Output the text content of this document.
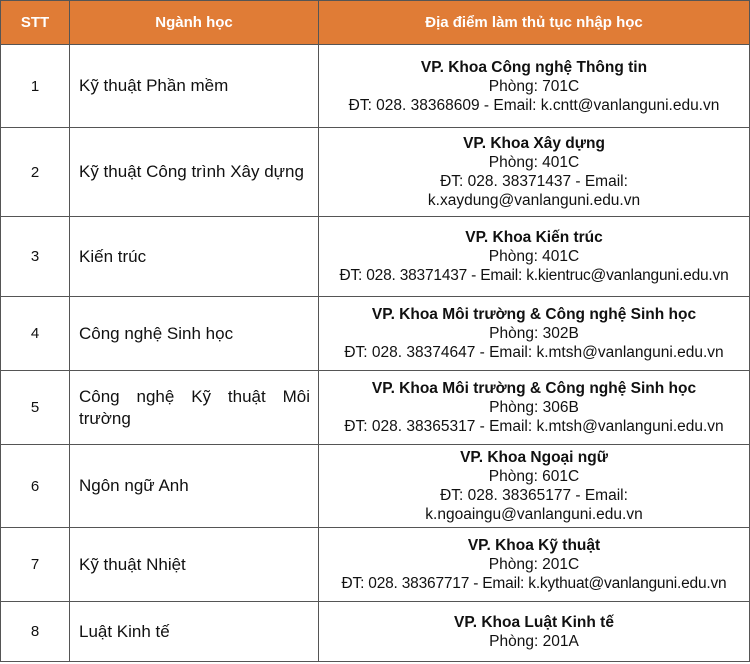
STT	Ngành học	Địa điểm làm thủ tục nhập học
1	Kỹ thuật Phần mềm	VP. Khoa Công nghệ Thông tin
Phòng: 701C
ĐT: 028. 38368609 - Email: k.cntt@vanlanguni.edu.vn

2	Kỹ thuật Công trình Xây dựng	VP. Khoa Xây dựng
Phòng: 401C
ĐT: 028. 38371437 - Email: k.xaydung@vanlanguni.edu.vn

3	Kiến trúc	VP. Khoa Kiến trúc
Phòng: 401C
ĐT: 028. 38371437 - Email: k.kientruc@vanlanguni.edu.vn

4	Công nghệ Sinh học	VP. Khoa Môi trường & Công nghệ Sinh học
Phòng: 302B
ĐT: 028. 38374647 - Email: k.mtsh@vanlanguni.edu.vn

5	Công nghệ Kỹ thuật Môi trường	VP. Khoa Môi trường & Công nghệ Sinh học
Phòng: 306B
ĐT: 028. 38365317 - Email: k.mtsh@vanlanguni.edu.vn

6	Ngôn ngữ Anh	VP. Khoa Ngoại ngữ
Phòng: 601C
ĐT: 028. 38365177 - Email: k.ngoaingu@vanlanguni.edu.vn

7	Kỹ thuật Nhiệt	VP. Khoa Kỹ thuật
Phòng: 201C
ĐT: 028. 38367717 - Email: k.kythuat@vanlanguni.edu.vn

8	Luật Kinh tế	VP. Khoa Luật Kinh tế
Phòng: 201A
